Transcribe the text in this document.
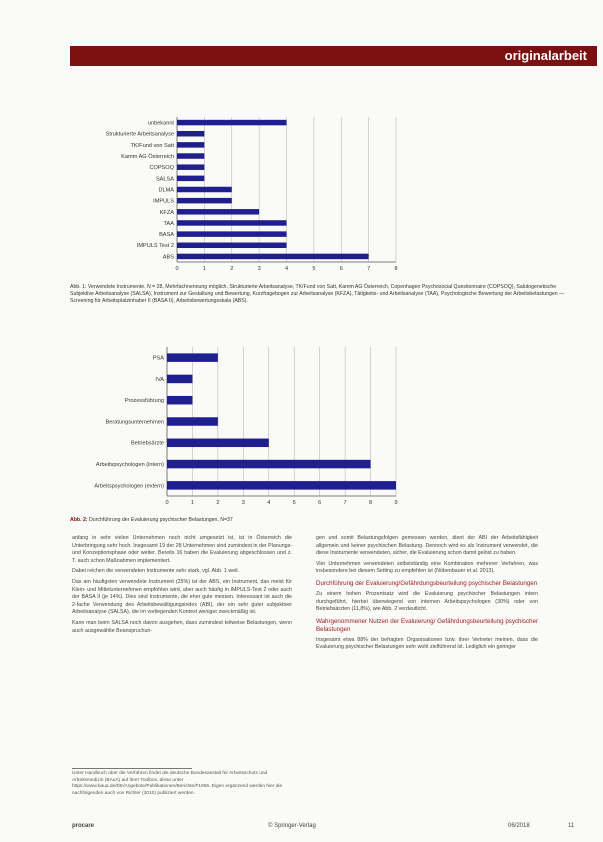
originalarbeit
0	1	2	3	4	5	6	7	8
unbekannt
Strukturierte Arbeitsanalyse
TK/Fund von Satt
Kamm AG Österreich
COPSOQ
SALSA
DLMA
IMPULS
KFZA
TAA
BASA
IMPULS Test 2
ABS
0	1	2	3	4	5	6	7	8	9
PSA
IVA
Prozessführung
Beratungsunternehmen
Betriebsärzte
Arbeitspsychologen (intern)
Arbeitspsychologen (extern)
Abb. 1: Verwendete Instrumente. N = 28, Mehrfachnennung möglich. Strukturierte Arbeitsanalyse, TK/Fund von Satt, Kamm AG Österreich, Copenhagen Psychosocial Questionnaire (COPSOQ), Salutogenetische Subjektive Arbeitsanalyse (SALSA), Instrument zur Gestaltung und Bewertung, Kurzfragebogen zur Arbeitsanalyse (KFZA), Tätigkeits- und Arbeitsanalyse (TAA), Psychologische Bewertung der Arbeitsbelastungen — Screening für Arbeitsplatzinhaber II (BASA II), Arbeitsbewertungsskala (ABS).
Abb. 2: Durchführung der Evaluierung psychischer Belastungen, N=37

anfang in sehr vielen Unternehmen noch nicht umgesetzt ist, ist in Österreich die Unterbringung sehr hoch. Insgesamt 19 der 28 Unternehmen sind zumindest in der Planungs- und Konzeptionsphase oder weiter. Bereits 16 haben die Evaluierung abgeschlossen und z. T. auch schon Maßnahmen implementiert.

Dabei reichen die verwendeten Instrumente sehr stark, vgl. Abb. 1 weit.

Das am häufigsten verwendete Instrument (25%) ist der ABS, ein Instrument, das meist für Klein- und Mittelunternehmen empfohlen wird, aber auch häufig in IMPULS-Test 2 oder auch der BASA II (je 14%). Dies sind Instrumente, die eher gute messen. Interessant ist auch die 2-fache Verwendung des Arbeitsbewältigungsindex (ABI), der ein sehr guter subjektiver Arbeitsanalyse (SALSA), die im vorliegenden Kontext weniger zweckmäßig ist.

Kann man beim SALSA noch davon ausgehen, dass zumindest teilweise Belastungen, wenn auch ausgewählte Beanspruchun-

gen und somit Belastungsfolgen gemessen werden, dient der ABI der Arbeitsfähigkeit allgemein und keiner psychischen Belastung. Dennoch wird es als Instrument verwendet, die diese Instrumente verwendeten, sicher, die Evaluierung schon damit gelöst zu haben.

Vier Unternehmen verwendeten selbstständig eine Kombination mehrerer Verfahren, was insbesondere bei diesem Setting zu empfehlen ist (Nöbenbauer et al. 2013).

Durchführung der Evaluierung/Gefährdungsbeurteilung psychischer Belastungen

Zu einem hohen Prozentsatz wird die Evaluierung psychischer Belastungen intern durchgeführt, hierbei überwiegend von internen Arbeitspsychologen (30%) oder von Betriebsärzten (11,8%), wie Abb. 2 verdeutlicht.

Wahrgenommener Nutzen der Evaluierung/ Gefährdungsbeurteilung psychischer Belastungen

Insgesamt etwa 88% der befragten Organisationen bzw. ihrer Vertreter meinen, dass die Evaluierung psychischer Belastungen sehr wohl zielführend ist. Lediglich ein geringer

Unter Handbuch über die Verfahren findet die deutsche Bundesanstalt für Arbeitsschutz und Arbeitsmedizin (BAuA) auf ihrer Toolbox, diese unter https://www.baua.de/DE/Angebote/Publikationen/Berichte/F1965. Eigen ergänzend werden hier die nachfolgenden auch von Richter (2010) publiziert werden.
procare	© Springer-Verlag	06/2018	11
